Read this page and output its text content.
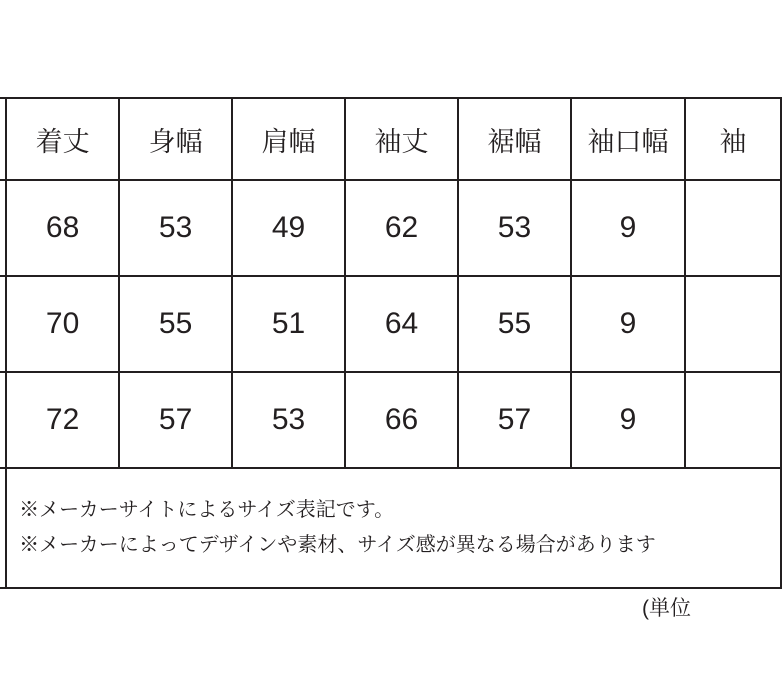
	着丈	身幅	肩幅	袖丈	裾幅	袖口幅	袖
	68	53	49	62	53	9	
	70	55	51	64	55	9	
	72	57	53	66	57	9	

※メーカーサイトによるサイズ表記です。
※メーカーによってデザインや素材、サイズ感が異なる場合があります						
(単位
